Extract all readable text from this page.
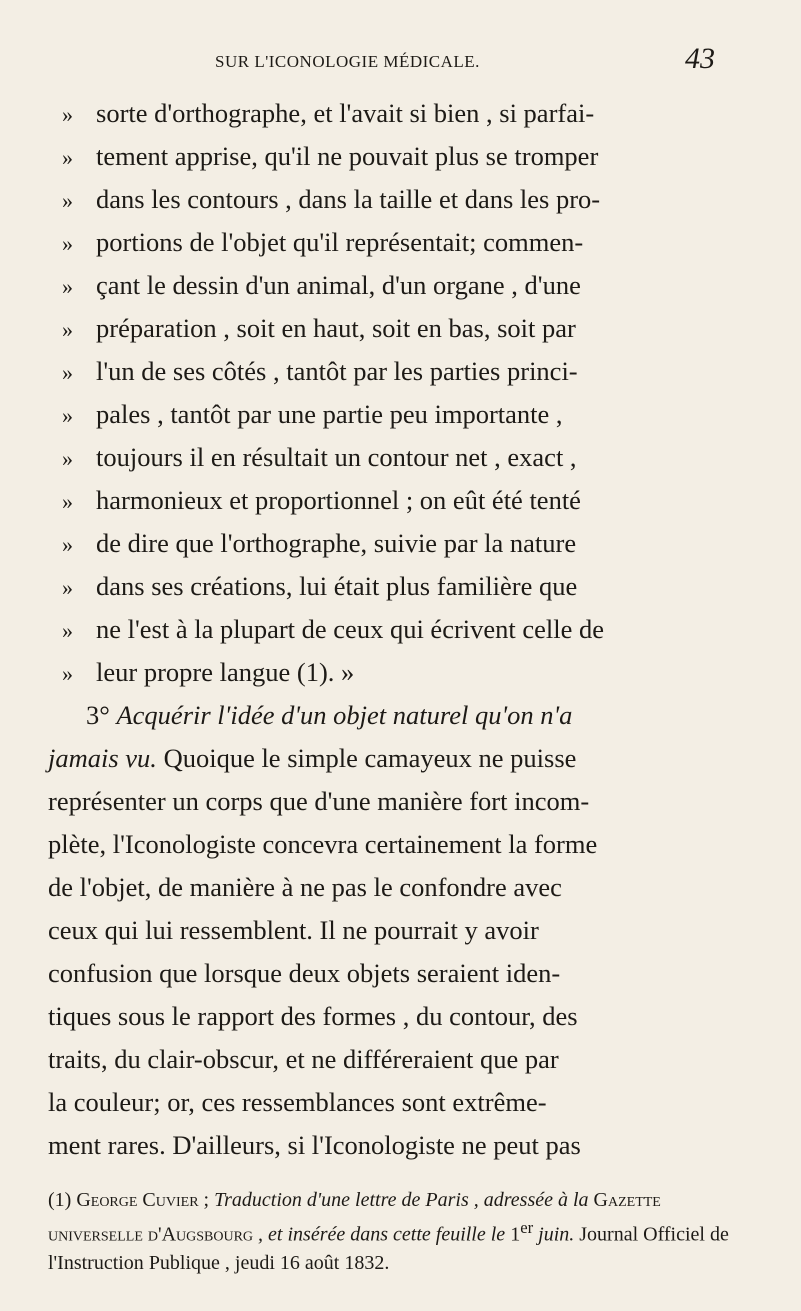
SUR L'ICONOLOGIE MÉDICALE.	43
» sorte d'orthographe, et l'avait si bien , si parfai-
» tement apprise, qu'il ne pouvait plus se tromper
» dans les contours , dans la taille et dans les pro-
» portions de l'objet qu'il représentait; commen-
» çant le dessin d'un animal, d'un organe , d'une
» préparation , soit en haut, soit en bas, soit par
» l'un de ses côtés , tantôt par les parties princi-
» pales , tantôt par une partie peu importante ,
» toujours il en résultait un contour net , exact ,
» harmonieux et proportionnel ; on eût été tenté
» de dire que l'orthographe, suivie par la nature
» dans ses créations, lui était plus familière que
» ne l'est à la plupart de ceux qui écrivent celle de
» leur propre langue (1). »
3° Acquérir l'idée d'un objet naturel qu'on n'a
jamais vu. Quoique le simple camayeux ne puisse
représenter un corps que d'une manière fort incom-
plète, l'Iconologiste concevra certainement la forme
de l'objet, de manière à ne pas le confondre avec
ceux qui lui ressemblent. Il ne pourrait y avoir
confusion que lorsque deux objets seraient iden-
tiques sous le rapport des formes , du contour, des
traits, du clair-obscur, et ne différeraient que par
la couleur; or, ces ressemblances sont extrême-
ment rares. D'ailleurs, si l'Iconologiste ne peut pas
(1) George Cuvier ; Traduction d'une lettre de Paris , adressée à la Gazette universelle d'Augsbourg , et insérée dans cette feuille le 1er juin. Journal Officiel de l'Instruction Publique , jeudi 16 août 1832.
